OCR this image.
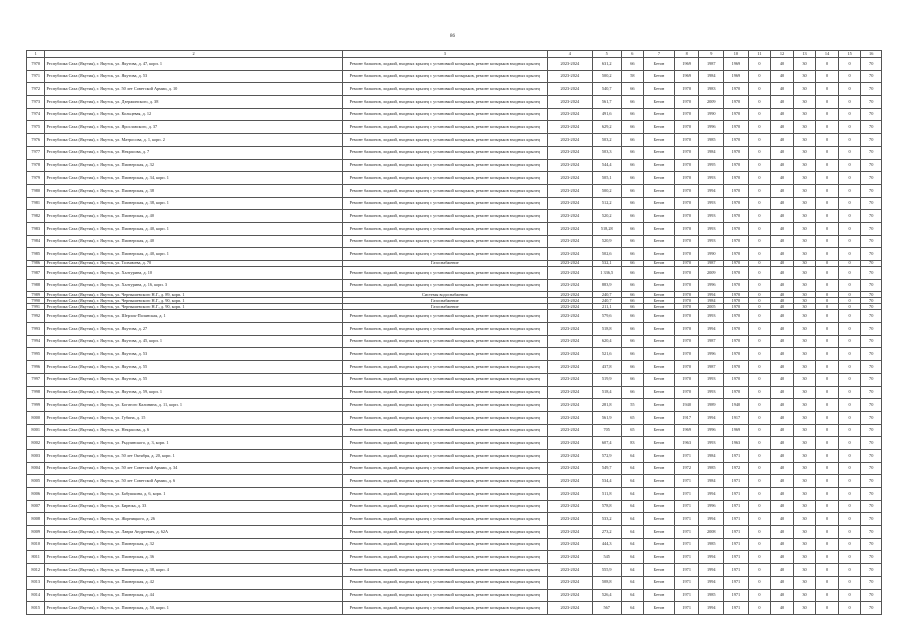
86
1	2	3	4	5	6	7	8	9	10	11	12	13	14	15	16
7970	Республика Саха (Якутия), г. Якутск, ул. Якутова, д. 47, корп. 1	Ремонт балконов, лоджий, входных крылец с установкой козырьков, ремонт козырьков входных крылец	2023-2024	631,2	66	Бетон	1969	1987	1969	0	40	30	0	0	70
7971	Республика Саха (Якутия), г. Якутск, ул. Якутова, д. 53	Ремонт балконов, лоджий, входных крылец с установкой козырьков, ремонт козырьков входных крылец	2023-2024	500,2	58	Бетон	1969	1984	1969	0	40	30	0	0	70
7972	Республика Саха (Якутия), г. Якутск, ул. 50 лет Советской Армии, д. 10	Ремонт балконов, лоджий, входных крылец с установкой козырьков, ремонт козырьков входных крылец	2023-2024	540,7	66	Бетон	1970	1983	1970	0	40	30	0	0	70
7973	Республика Саха (Якутия), г. Якутск, ул. Дзержинского, д. 38	Ремонт балконов, лоджий, входных крылец с установкой козырьков, ремонт козырьков входных крылец	2023-2024	561,7	66	Бетон	1970	2009	1970	0	40	30	0	0	70
7974	Республика Саха (Якутия), г. Якутск, ул. Кольцевая, д. 12	Ремонт балконов, лоджий, входных крылец с установкой козырьков, ремонт козырьков входных крылец	2023-2024	491,6	66	Бетон	1970	1990	1970	0	40	30	0	0	70
7975	Республика Саха (Якутия), г. Якутск, ул. Ярославского, д. 37	Ремонт балконов, лоджий, входных крылец с установкой козырьков, ремонт козырьков входных крылец	2023-2024	629,2	66	Бетон	1970	1996	1970	0	40	30	0	0	70
7976	Республика Саха (Якутия), г. Якутск, ул. Матросова, д. 1, корп. 2	Ремонт балконов, лоджий, входных крылец с установкой козырьков, ремонт козырьков входных крылец	2023-2024	503,2	66	Бетон	1970	1985	1970	0	40	30	0	0	70
7977	Республика Саха (Якутия), г. Якутск, ул. Некрасова, д. 7	Ремонт балконов, лоджий, входных крылец с установкой козырьков, ремонт козырьков входных крылец	2023-2024	503,3	66	Бетон	1970	1984	1970	0	40	30	0	0	70
7978	Республика Саха (Якутия), г. Якутск, ул. Пионерская, д. 32	Ремонт балконов, лоджий, входных крылец с установкой козырьков, ремонт козырьков входных крылец	2023-2024	544,4	66	Бетон	1970	1995	1970	0	40	30	0	0	70
7979	Республика Саха (Якутия), г. Якутск, ул. Пионерская, д. 34, корп. 1	Ремонт балконов, лоджий, входных крылец с установкой козырьков, ремонт козырьков входных крылец	2023-2024	505,1	66	Бетон	1970	1993	1970	0	40	30	0	0	70
7980	Республика Саха (Якутия), г. Якутск, ул. Пионерская, д. 38	Ремонт балконов, лоджий, входных крылец с установкой козырьков, ремонт козырьков входных крылец	2023-2024	500,2	66	Бетон	1970	1994	1970	0	40	30	0	0	70
7981	Республика Саха (Якутия), г. Якутск, ул. Пионерская, д. 38, корп. 1	Ремонт балконов, лоджий, входных крылец с установкой козырьков, ремонт козырьков входных крылец	2023-2024	512,2	66	Бетон	1970	1993	1970	0	40	30	0	0	70
7982	Республика Саха (Якутия), г. Якутск, ул. Пионерская, д. 40	Ремонт балконов, лоджий, входных крылец с установкой козырьков, ремонт козырьков входных крылец	2023-2024	520,2	66	Бетон	1970	1993	1970	0	40	30	0	0	70
7983	Республика Саха (Якутия), г. Якутск, ул. Пионерская, д. 40, корп. 1	Ремонт балконов, лоджий, входных крылец с установкой козырьков, ремонт козырьков входных крылец	2023-2024	518,28	66	Бетон	1970	1993	1970	0	40	30	0	0	70
7984	Республика Саха (Якутия), г. Якутск, ул. Пионерская, д. 40	Ремонт балконов, лоджий, входных крылец с установкой козырьков, ремонт козырьков входных крылец	2023-2024	520,9	66	Бетон	1970	1993	1970	0	40	30	0	0	70
7985	Республика Саха (Якутия), г. Якутск, ул. Пионерская, д. 40, корп. 1	Ремонт балконов, лоджий, входных крылец с установкой козырьков, ремонт козырьков входных крылец	2023-2024	502,6	66	Бетон	1970	1990	1970	0	40	30	0	0	70
7986	Республика Саха (Якутия), г. Якутск, ул. Толмачева, д. 70	Газоснабжение	2023-2024	532,1	66	Бетон	1970	1987	1970	0	40	30	0	0	70
7987	Республика Саха (Якутия), г. Якутск, ул. Халтурина, д. 10	Ремонт балконов, лоджий, входных крылец с установкой козырьков, ремонт козырьков входных крылец	2023-2024	1 336,5	66	Бетон	1970	2009	1970	0	40	30	0	0	70
7988	Республика Саха (Якутия), г. Якутск, ул. Халтурина, д. 16, корп. 3	Ремонт балконов, лоджий, входных крылец с установкой козырьков, ремонт козырьков входных крылец	2023-2024	883,9	66	Бетон	1970	1996	1970	0	40	30	0	0	70
7989	Республика Саха (Якутия), г. Якутск, ул. Чернышевского Н.Г., д. 89, корп. 1	Системы водоснабжения	2023-2024	240,7	66	Бетон	1970	1994	1970	0	40	30	0	0	70
7990	Республика Саха (Якутия), г. Якутск, ул. Чернышевского Н.Г., д. 90, корп. 1	Газоснабжение	2023-2024	240,7	66	Бетон	1970	1984	1970	0	40	30	0	0	70
7991	Республика Саха (Якутия), г. Якутск, ул. Чернышевского Н.Г., д. 90, корп. 1	Газоснабжение	2023-2024	211,1	66	Бетон	1970	2005	1970	0	40	30	0	0	70
7992	Республика Саха (Якутия), г. Якутск, ул. Шерлок-Полянская, д. 1	Ремонт балконов, лоджий, входных крылец с установкой козырьков, ремонт козырьков входных крылец	2023-2024	579,6	66	Бетон	1970	1993	1970	0	40	30	0	0	70
7993	Республика Саха (Якутия), г. Якутск, ул. Якутова, д. 27	Ремонт балконов, лоджий, входных крылец с установкой козырьков, ремонт козырьков входных крылец	2023-2024	518,8	66	Бетон	1970	1994	1970	0	40	30	0	0	70
7994	Республика Саха (Якутия), г. Якутск, ул. Якутова, д. 45, корп. 1	Ремонт балконов, лоджий, входных крылец с установкой козырьков, ремонт козырьков входных крылец	2023-2024	620,4	66	Бетон	1970	1987	1970	0	40	30	0	0	70
7995	Республика Саха (Якутия), г. Якутск, ул. Якутова, д. 53	Ремонт балконов, лоджий, входных крылец с установкой козырьков, ремонт козырьков входных крылец	2023-2024	521,6	66	Бетон	1970	1996	1970	0	40	30	0	0	70
7996	Республика Саха (Якутия), г. Якутск, ул. Якутова, д. 55	Ремонт балконов, лоджий, входных крылец с установкой козырьков, ремонт козырьков входных крылец	2023-2024	437,8	66	Бетон	1970	1987	1970	0	40	30	0	0	70
7997	Республика Саха (Якутия), г. Якутск, ул. Якутова, д. 55	Ремонт балконов, лоджий, входных крылец с установкой козырьков, ремонт козырьков входных крылец	2023-2024	519,9	66	Бетон	1970	1993	1970	0	40	30	0	0	70
7998	Республика Саха (Якутия), г. Якутск, ул. Якутова, д. 59, корп. 1	Ремонт балконов, лоджий, входных крылец с установкой козырьков, ремонт козырьков входных крылец	2023-2024	518,4	66	Бетон	1970	1993	1970	0	40	30	0	0	70
7999	Республика Саха (Якутия), г. Якутск, ул. Богатого Калинина, д. 11, корп. 1	Ремонт балконов, лоджий, входных крылец с установкой козырьков, ремонт козырьков входных крылец	2023-2024	281,8	55	Бетон	1940	1989	1940	0	40	30	0	0	70
8000	Республика Саха (Якутия), г. Якутск, ул. Губина, д. 15	Ремонт балконов, лоджий, входных крылец с установкой козырьков, ремонт козырьков входных крылец	2023-2024	561,9	65	Бетон	1917	1994	1917	0	40	30	0	0	70
8001	Республика Саха (Якутия), г. Якутск, ул. Некрасова, д. 6	Ремонт балконов, лоджий, входных крылец с установкой козырьков, ремонт козырьков входных крылец	2023-2024	705	65	Бетон	1969	1996	1969	0	40	30	0	0	70
8002	Республика Саха (Якутия), г. Якутск, ул. Рыдзинского, д. 3, корп. 1	Ремонт балконов, лоджий, входных крылец с установкой козырьков, ремонт козырьков входных крылец	2023-2024	607,4	83	Бетон	1963	1993	1963	0	40	30	0	0	70
8003	Республика Саха (Якутия), г. Якутск, ул. 50 лет Октября, д. 20, корп. 1	Ремонт балконов, лоджий, входных крылец с установкой козырьков, ремонт козырьков входных крылец	2023-2024	572,9	64	Бетон	1971	1984	1971	0	40	30	0	0	70
8004	Республика Саха (Якутия), г. Якутск, ул. 50 лет Советской Армии, д. 34	Ремонт балконов, лоджий, входных крылец с установкой козырьков, ремонт козырьков входных крылец	2023-2024	549,7	64	Бетон	1972	1985	1972	0	40	30	0	0	70
8005	Республика Саха (Якутия), г. Якутск, ул. 50 лет Советской Армии, д. 6	Ремонт балконов, лоджий, входных крылец с установкой козырьков, ремонт козырьков входных крылец	2023-2024	534,4	64	Бетон	1971	1984	1971	0	40	30	0	0	70
8006	Республика Саха (Якутия), г. Якутск, ул. Бабушкина, д. 6, корп. 1	Ремонт балконов, лоджий, входных крылец с установкой козырьков, ремонт козырьков входных крылец	2023-2024	511,8	64	Бетон	1971	1994	1971	0	40	30	0	0	70
8007	Республика Саха (Якутия), г. Якутск, ул. Бирюка, д. 33	Ремонт балконов, лоджий, входных крылец с установкой козырьков, ремонт козырьков входных крылец	2023-2024	578,8	64	Бетон	1971	1996	1971	0	40	30	0	0	70
8008	Республика Саха (Якутия), г. Якутск, ул. Жорницкого, д. 26	Ремонт балконов, лоджий, входных крылец с установкой козырьков, ремонт козырьков входных крылец	2023-2024	533,2	64	Бетон	1971	1994	1971	0	40	30	0	0	70
8009	Республика Саха (Якутия), г. Якутск, ул. Лаврм Андреевич, д. 62А	Ремонт балконов, лоджий, входных крылец с установкой козырьков, ремонт козырьков входных крылец	2023-2024	273,2	64	Бетон	1971	2008	1971	0	40	30	0	0	70
8010	Республика Саха (Якутия), г. Якутск, ул. Пионерская, д. 32	Ремонт балконов, лоджий, входных крылец с установкой козырьков, ремонт козырьков входных крылец	2023-2024	444,3	64	Бетон	1971	1985	1971	0	40	30	0	0	70
8011	Республика Саха (Якутия), г. Якутск, ул. Пионерская, д. 36	Ремонт балконов, лоджий, входных крылец с установкой козырьков, ремонт козырьков входных крылец	2023-2024	545	64	Бетон	1971	1994	1971	0	40	30	0	0	70
8012	Республика Саха (Якутия), г. Якутск, ул. Пионерская, д. 38, корп. 4	Ремонт балконов, лоджий, входных крылец с установкой козырьков, ремонт козырьков входных крылец	2023-2024	555,9	64	Бетон	1971	1994	1971	0	40	30	0	0	70
8013	Республика Саха (Якутия), г. Якутск, ул. Пионерская, д. 42	Ремонт балконов, лоджий, входных крылец с установкой козырьков, ремонт козырьков входных крылец	2023-2024	508,8	64	Бетон	1971	1994	1971	0	40	30	0	0	70
8014	Республика Саха (Якутия), г. Якутск, ул. Пионерская, д. 44	Ремонт балконов, лоджий, входных крылец с установкой козырьков, ремонт козырьков входных крылец	2023-2024	526,4	64	Бетон	1971	1985	1971	0	40	30	0	0	70
8015	Республика Саха (Якутия), г. Якутск, ул. Пионерская, д. 50, корп. 1	Ремонт балконов, лоджий, входных крылец с установкой козырьков, ремонт козырьков входных крылец	2023-2024	567	64	Бетон	1971	1994	1971	0	40	30	0	0	70
